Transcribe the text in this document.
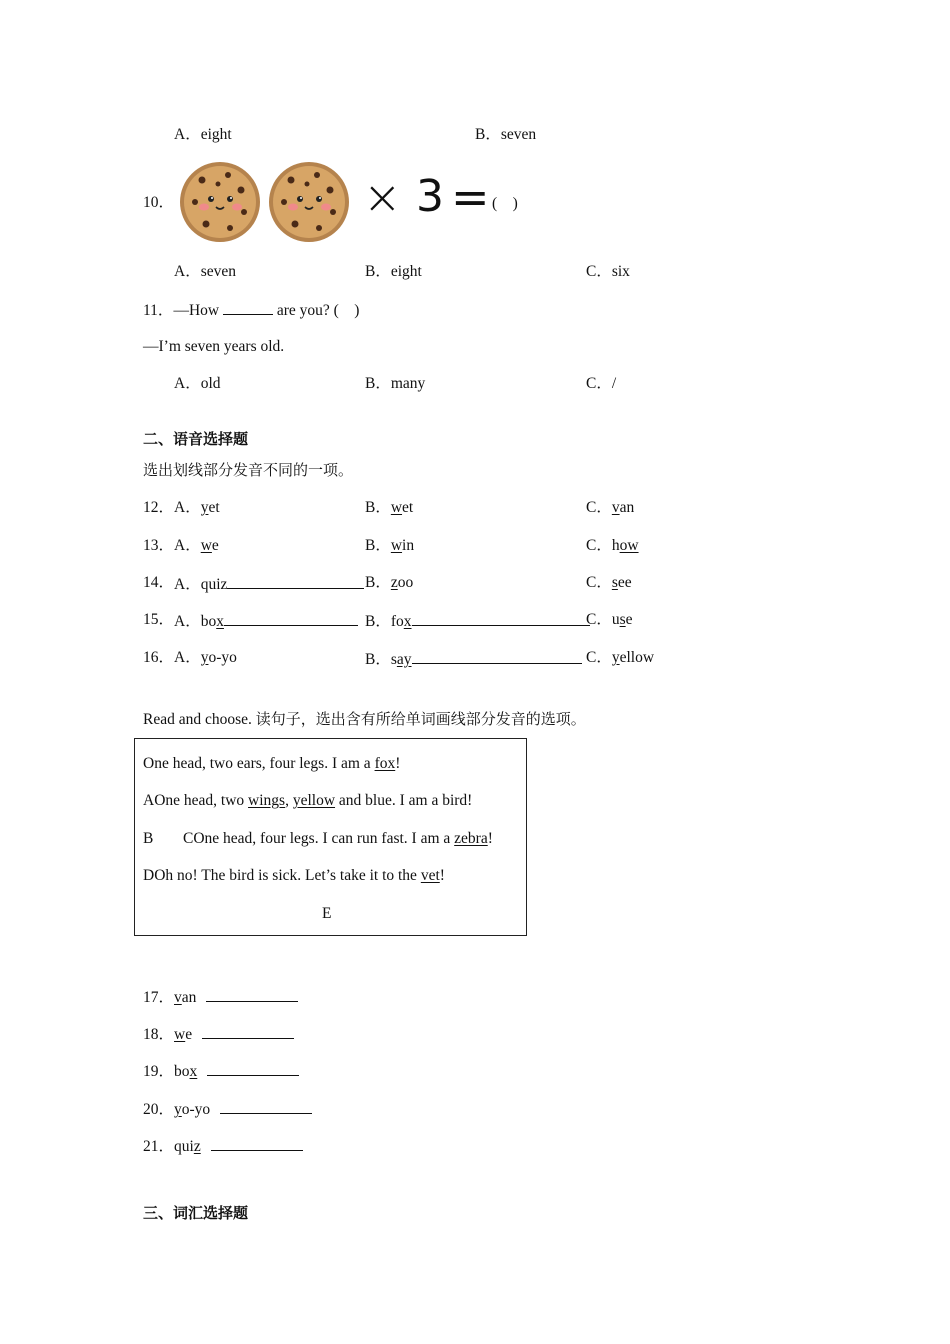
A．eight	B．seven
10．	× 3 = (　)
A．seven	B．eight	C．six
11．—How	are you? (　)
—I’m seven years old.
A．old	B．many	C．/
二、语音选择题
选出划线部分发音不同的一项。
12． A．yet	B．wet	C．van
13． A．we	B．win	C．how
14． A．quiz	B．zoo	C．see
15． A．box	B．fox	C．use
16． A．yo-yo	B．say	C．yellow
Read and choose. 读句子，选出含有所给单词画线部分发音的选项。
One head, two ears, four legs. I am a fox!
AOne head, two wings, yellow and blue. I am a bird!
B COne head, four legs. I can run fast. I am a zebra!
DOh no! The bird is sick. Let’s take it to the vet!
E
17．van
18．we
19．box
20．yo-yo
21．quiz
三、词汇选择题
